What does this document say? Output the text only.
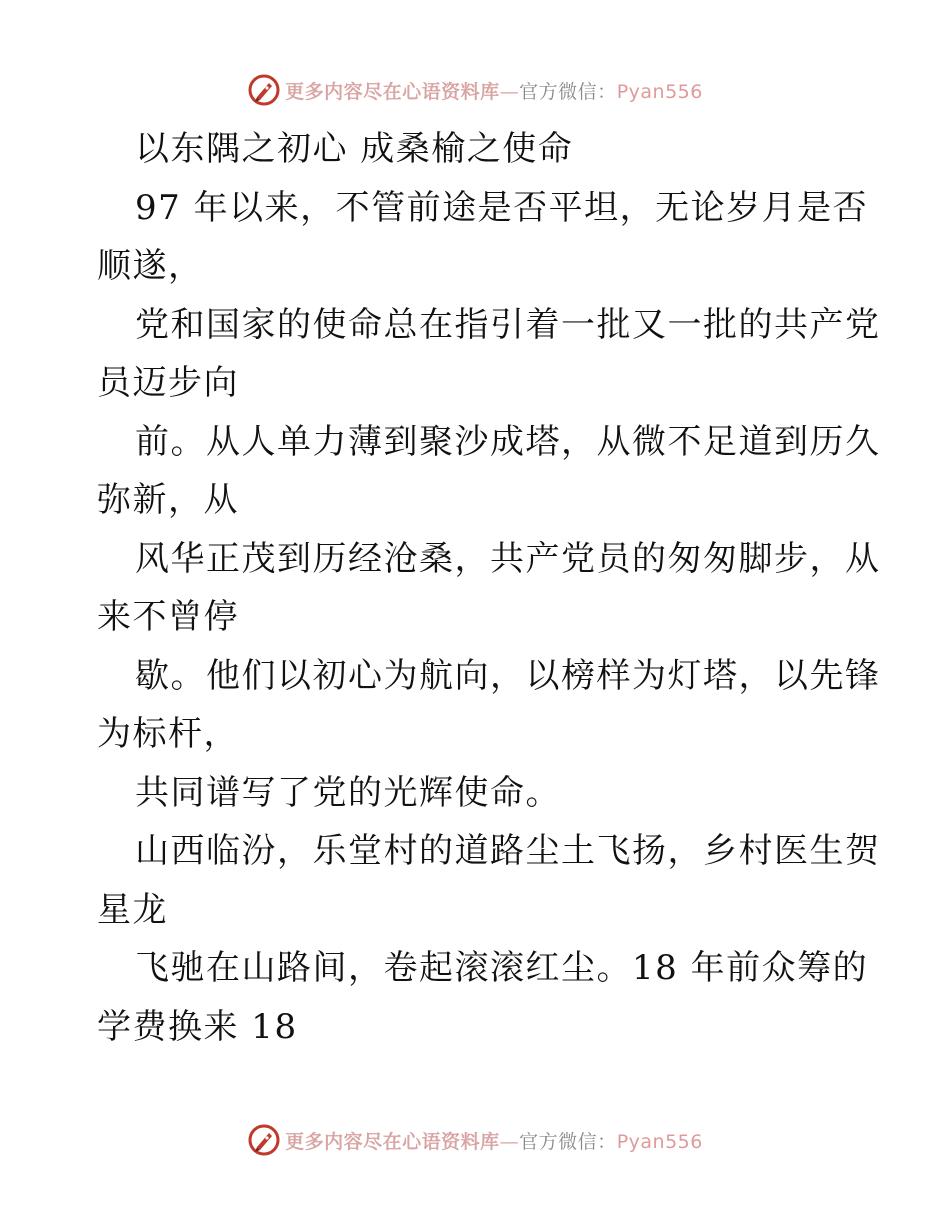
更多内容尽在心语资料库—官方微信：Pyan556
以东隅之初心 成桑榆之使命
97 年以来，不管前途是否平坦，无论岁月是否
顺遂，
党和国家的使命总在指引着一批又一批的共产党
员迈步向
前。从人单力薄到聚沙成塔，从微不足道到历久
弥新，从
风华正茂到历经沧桑，共产党员的匆匆脚步，从
来不曾停
歇。他们以初心为航向，以榜样为灯塔，以先锋
为标杆，
共同谱写了党的光辉使命。
山西临汾，乐堂村的道路尘土飞扬，乡村医生贺
星龙
飞驰在山路间，卷起滚滚红尘。18 年前众筹的
学费换来 18
更多内容尽在心语资料库—官方微信：Pyan556
